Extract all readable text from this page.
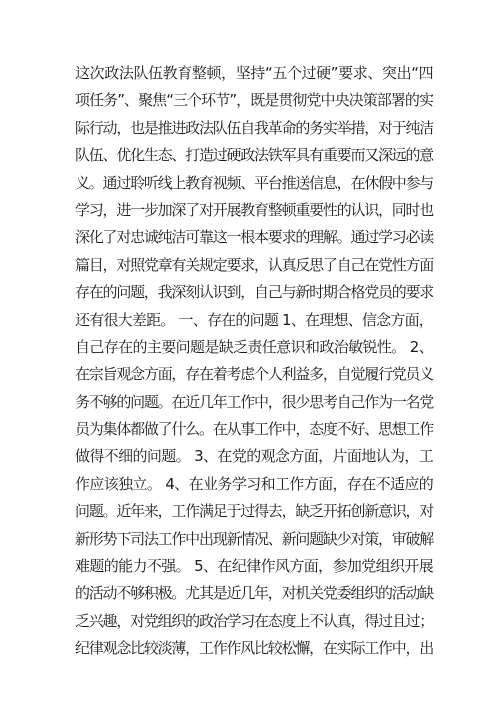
这次政法队伍教育整顿，坚持“五个过硬”要求、突出“四
项任务”、聚焦“三个环节”，既是贯彻党中央决策部署的实
际行动，也是推进政法队伍自我革命的务实举措，对于纯洁
队伍、优化生态、打造过硬政法铁军具有重要而又深远的意
义。通过聆听线上教育视频、平台推送信息，在休假中参与
学习，进一步加深了对开展教育整顿重要性的认识，同时也
深化了对忠诚纯洁可靠这一根本要求的理解。通过学习必读
篇目，对照党章有关规定要求，认真反思了自己在党性方面
存在的问题，我深刻认识到，自己与新时期合格党员的要求
还有很大差距。 一、存在的问题 1、在理想、信念方面，
自己存在的主要问题是缺乏责任意识和政治敏锐性。 2、
在宗旨观念方面，存在着考虑个人利益多，自觉履行党员义
务不够的问题。在近几年工作中，很少思考自己作为一名党
员为集体都做了什么。在从事工作中，态度不好、思想工作
做得不细的问题。 3、在党的观念方面，片面地认为，工
作应该独立。 4、在业务学习和工作方面，存在不适应的
问题。近年来，工作满足于过得去，缺乏开拓创新意识，对
新形势下司法工作中出现新情况、新问题缺少对策，审破解
难题的能力不强。 5、在纪律作风方面，参加党组织开展
的活动不够积极。尤其是近几年，对机关党委组织的活动缺
乏兴趣，对党组织的政治学习在态度上不认真，得过且过；
纪律观念比较淡薄，工作作风比较松懈，在实际工作中，出
